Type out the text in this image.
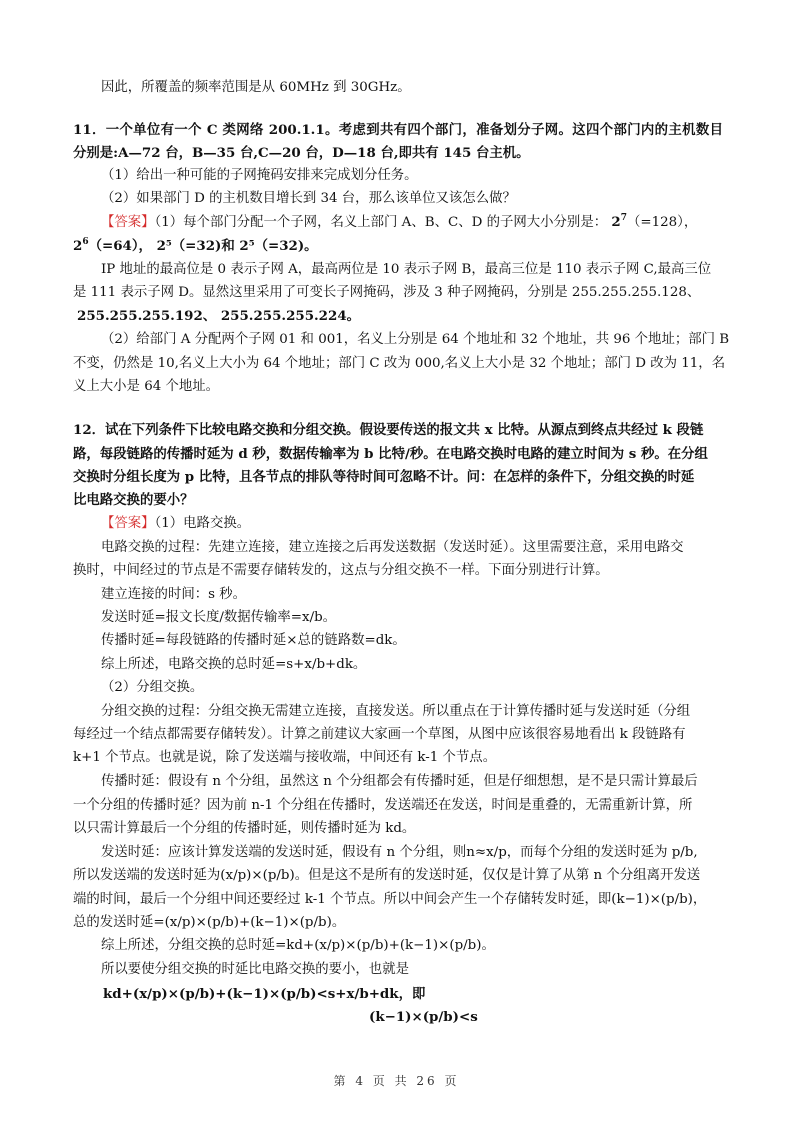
因此，所覆盖的频率范围是从 60MHz 到 30GHz。
11．一个单位有一个 C 类网络 200.1.1。考虑到共有四个部门，准备划分子网。这四个部门内的主机数目
分别是:A—72 台，B—35 台,C—20 台，D—18 台,即共有 145 台主机。
（1）给出一种可能的子网掩码安排来完成划分任务。
（2）如果部门 D 的主机数目增长到 34 台，那么该单位又该怎么做？
【答案】（1）每个部门分配一个子网，名义上部门 A、B、C、D 的子网大小分别是： $2^7(=128)$，
$2^6(=64)$， 2⁵（=32)和 2⁵（=32)。
IP 地址的最高位是 0 表示子网 A，最高两位是 10 表示子网 B，最高三位是 110 表示子网 C,最高三位
是 111 表示子网 D。显然这里采用了可变长子网掩码，涉及 3 种子网掩码，分别是 255.255.255.128、
255.255.255.192、 255.255.255.224。
（2）给部门 A 分配两个子网 01 和 001，名义上分别是 64 个地址和 32 个地址，共 96 个地址；部门 B
不变，仍然是 10,名义上大小为 64 个地址；部门 C 改为 000,名义上大小是 32 个地址；部门 D 改为 11，名
义上大小是 64 个地址。
12．试在下列条件下比较电路交换和分组交换。假设要传送的报文共 x 比特。从源点到终点共经过 k 段链
路，每段链路的传播时延为 d 秒，数据传输率为 b 比特/秒。在电路交换时电路的建立时间为 s 秒。在分组
交换时分组长度为 p 比特，且各节点的排队等待时间可忽略不计。问：在怎样的条件下，分组交换的时延
比电路交换的要小？
【答案】（1）电路交换。
电路交换的过程：先建立连接，建立连接之后再发送数据（发送时延）。这里需要注意，采用电路交
换时，中间经过的节点是不需要存储转发的，这点与分组交换不一样。下面分别进行计算。
建立连接的时间：s 秒。
发送时延=报文长度/数据传输率=x/b。
传播时延=每段链路的传播时延×总的链路数=dk。
综上所述，电路交换的总时延=s+x/b+dk。
（2）分组交换。
分组交换的过程：分组交换无需建立连接，直接发送。所以重点在于计算传播时延与发送时延（分组
每经过一个结点都需要存储转发）。计算之前建议大家画一个草图，从图中应该很容易地看出 k 段链路有
k+1 个节点。也就是说，除了发送端与接收端，中间还有 k-1 个节点。
传播时延：假设有 n 个分组，虽然这 n 个分组都会有传播时延，但是仔细想想，是不是只需计算最后
一个分组的传播时延？因为前 n-1 个分组在传播时，发送端还在发送，时间是重叠的，无需重新计算，所
以只需计算最后一个分组的传播时延，则传播时延为 kd。
发送时延：应该计算发送端的发送时延，假设有 n 个分组，则n≈x/p，而每个分组的发送时延为 p/b,
所以发送端的发送时延为(x/p)×(p/b)。但是这不是所有的发送时延，仅仅是计算了从第 n 个分组离开发送
端的时间，最后一个分组中间还要经过 k-1 个节点。所以中间会产生一个存储转发时延，即(k−1)×(p/b)，
总的发送时延=(x/p)×(p/b)+(k−1)×(p/b)。
综上所述，分组交换的总时延=kd+(x/p)×(p/b)+(k−1)×(p/b)。
所以要使分组交换的时延比电路交换的要小，也就是
kd+(x/p)×(p/b)+(k−1)×(p/b)<s+x/b+dk，即
(k−1)×(p/b)<s
第 4 页 共 26 页
